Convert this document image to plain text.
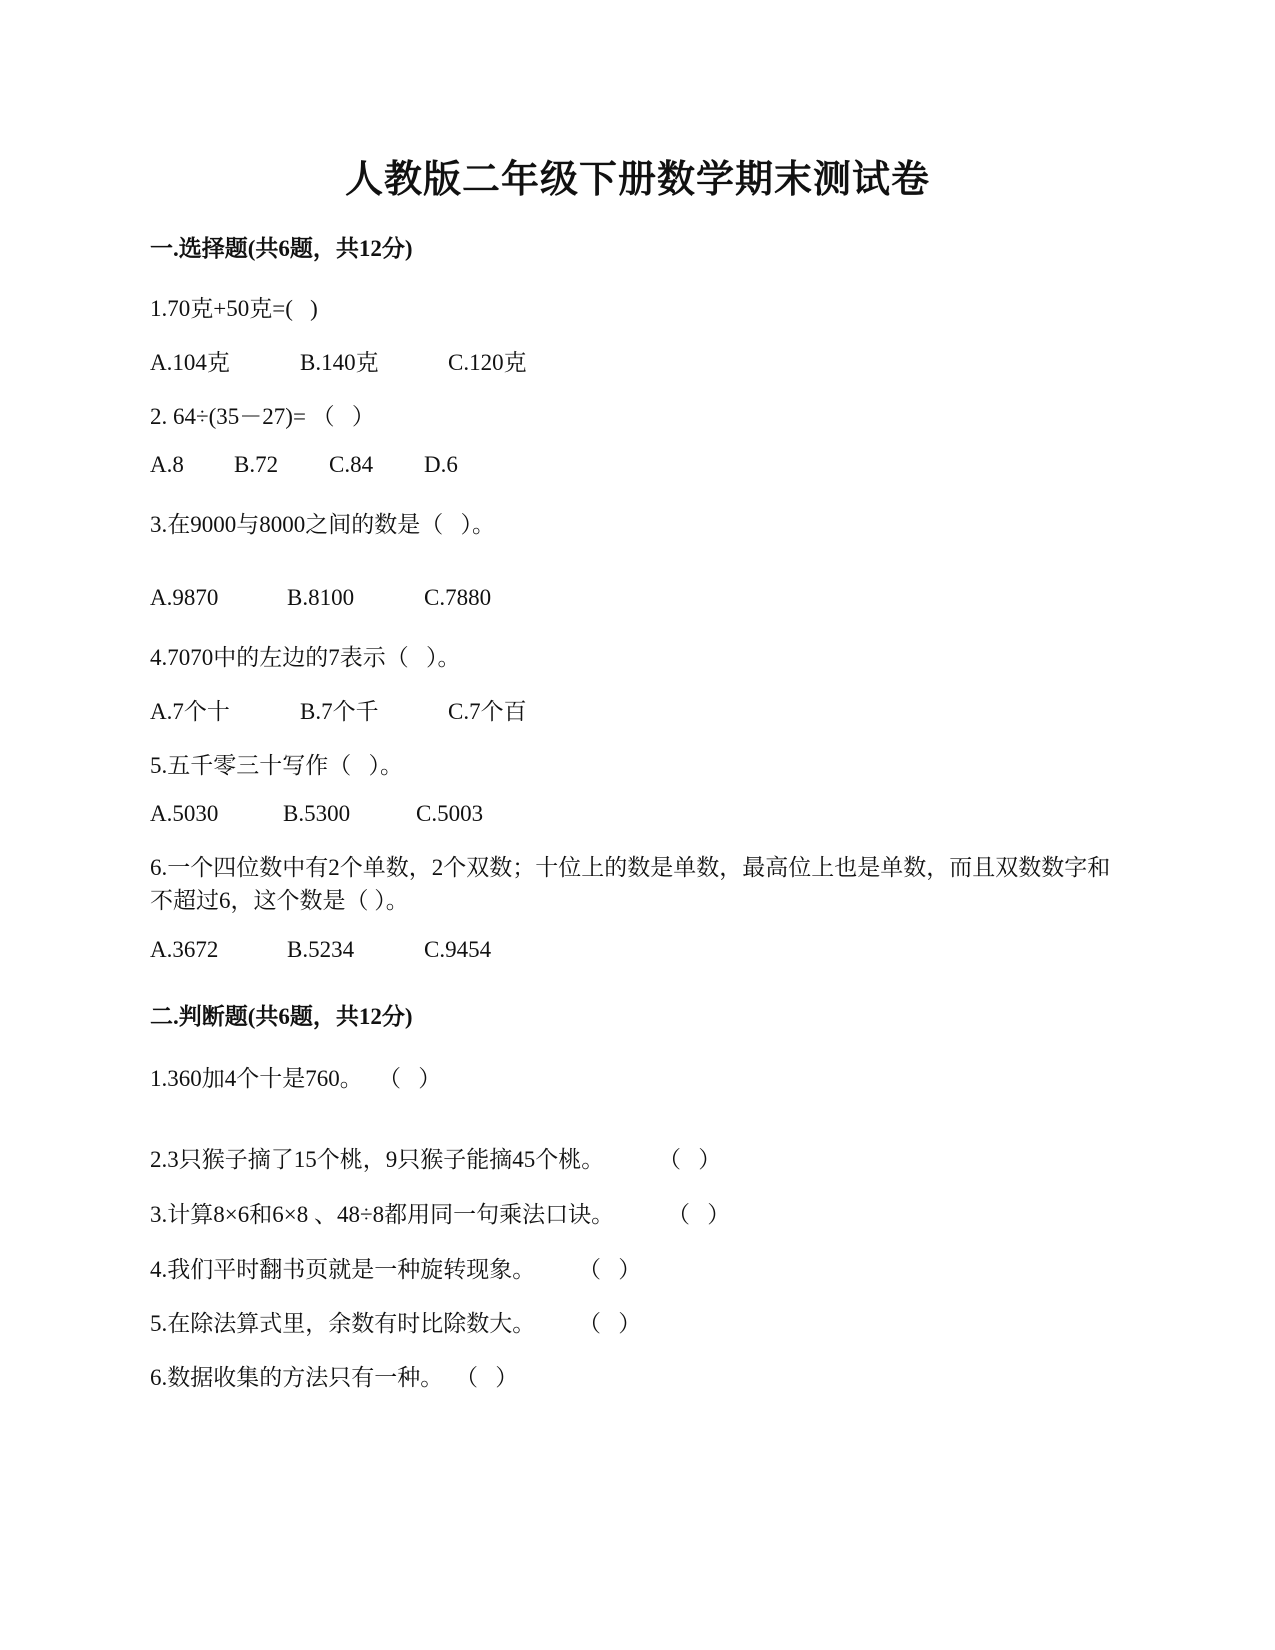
人教版二年级下册数学期末测试卷
一.选择题(共6题，共12分)
1.70克+50克=(   )
A.104克	B.140克	C.120克
2. 64÷(35－27)= （   ）
A.8 B.72 C.84 D.6
3.在9000与8000之间的数是（   ）。
A.9870	B.8100	C.7880
4.7070中的左边的7表示（   ）。
A.7个十	B.7个千	C.7个百
5.五千零三十写作（   ）。
A.5030	B.5300	C.5003
6.一个四位数中有2个单数，2个双数；十位上的数是单数，最高位上也是单数，而且双数数字和不超过6，这个数是（ ）。
A.3672	B.5234	C.9454
二.判断题(共6题，共12分)
1.360加4个十是760。 （   ）
2.3只猴子摘了15个桃，9只猴子能摘45个桃。 （   ）
3.计算8×6和6×8 、48÷8都用同一句乘法口诀。 （   ）
4.我们平时翻书页就是一种旋转现象。 （   ）
5.在除法算式里，余数有时比除数大。 （   ）
6.数据收集的方法只有一种。 （   ）
